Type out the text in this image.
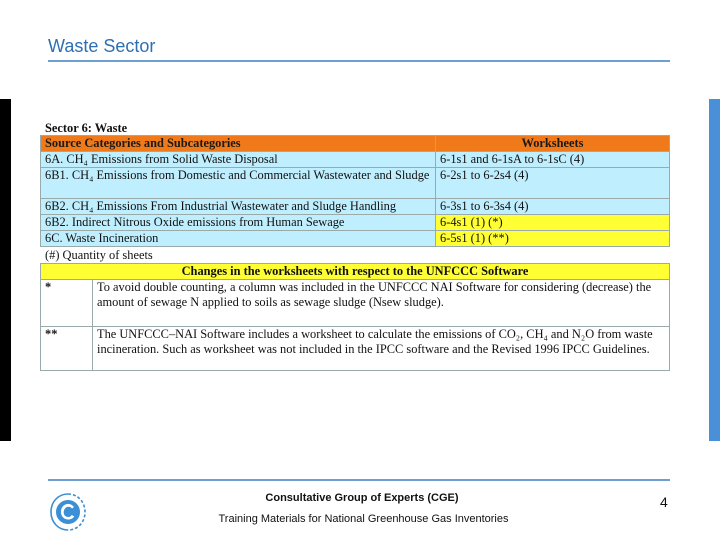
Waste Sector
Sector 6: Waste
Source Categories and Subcategories	Worksheets
6A. CH₄ Emissions from Solid Waste Disposal	6-1s1 and 6-1sA to 6-1sC (4)
6B1. CH₄ Emissions from Domestic and Commercial Wastewater and Sludge	6-2s1 to 6-2s4 (4)
6B2. CH₄ Emissions From Industrial Wastewater and Sludge Handling	6-3s1 to 6-3s4 (4)
6B2. Indirect Nitrous Oxide emissions from Human Sewage	6-4s1 (1) (*)
6C. Waste Incineration	6-5s1 (1) (**)
(#) Quantity of sheets
Changes in the worksheets with respect to the UNFCCC Software	
*	To avoid double counting, a column was included in the UNFCCC NAI Software for considering (decrease) the amount of sewage N applied to soils as sewage sludge (Nsew sludge).
**	The UNFCCC–NAI Software includes a worksheet to calculate the emissions of CO₂, CH₄ and N₂O from waste incineration. Such as worksheet was not included in the IPCC software and the Revised 1996 IPCC Guidelines.
Consultative Group of Experts (CGE)
Training Materials for National Greenhouse Gas Inventories
4
